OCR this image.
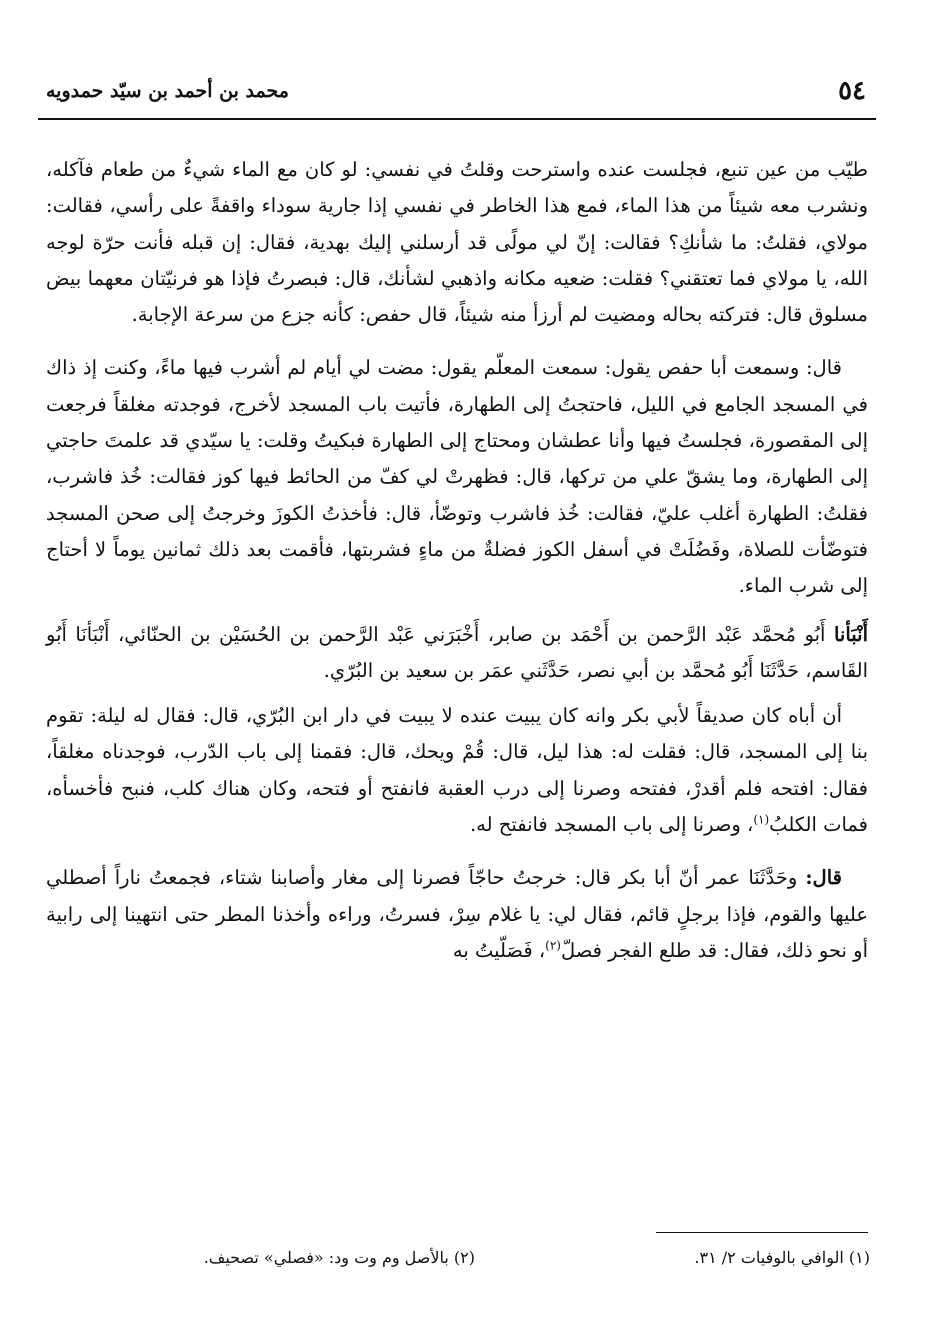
٥٤
محمد بن أحمد بن سيّد حمدويه

طيّب من عين تنبع، فجلست عنده واسترحت وقلتُ في نفسي: لو كان مع الماء شيءٌ من طعام فآكله، ونشرب معه شيئاً من هذا الماء، فمع هذا الخاطر في نفسي إذا جارية سوداء واقفةً على رأسي، فقالت: مولاي، فقلتُ: ما شأنكِ؟ فقالت: إنّ لي مولًى قد أرسلني إليك بهدية، فقال: إن قبله فأنت حرّة لوجه الله، يا مولاي فما تعتقني؟ فقلت: ضعيه مكانه واذهبي لشأنك، قال: فبصرتُ فإذا هو فرنيّتان معهما بيض مسلوق قال: فتركته بحاله ومضيت لم أرزأ منه شيئاً، قال حفص: كأنه جزع من سرعة الإجابة.

قال: وسمعت أبا حفص يقول: سمعت المعلّم يقول: مضت لي أيام لم أشرب فيها ماءً، وكنت إذ ذاك في المسجد الجامع في الليل، فاحتجتُ إلى الطهارة، فأتيت باب المسجد لأخرج، فوجدته مغلقاً فرجعت إلى المقصورة، فجلستُ فيها وأنا عطشان ومحتاج إلى الطهارة فبكيتُ وقلت: يا سيّدي قد علمتَ حاجتي إلى الطهارة، وما يشقّ علي من تركها، قال: فظهرتْ لي كفّ من الحائط فيها كوز فقالت: خُذ فاشرب، فقلتُ: الطهارة أغلب عليّ، فقالت: خُذ فاشرب وتوضّأ، قال: فأخذتُ الكوزَ وخرجتُ إلى صحن المسجد فتوضّأت للصلاة، وفَضُلَتْ في أسفل الكوز فضلةٌ من ماءٍ فشربتها، فأقمت بعد ذلك ثمانين يوماً لا أحتاج إلى شرب الماء.

أَنْبَأنا أَبُو مُحمَّد عَبْد الرَّحمن بن أَحْمَد بن صابر، أَخْبَرَني عَبْد الرَّحمن بن الحُسَيْن بن الحنّائي، أَنْبَأنَا أَبُو القَاسم، حَدَّثَنَا أَبُو مُحمَّد بن أبي نصر، حَدَّثَني عمَر بن سعيد بن البُرّي.

أن أباه كان صديقاً لأبي بكر وانه كان يبيت عنده لا يبيت في دار ابن البُرّي، قال: فقال له ليلة: تقوم بنا إلى المسجد، قال: فقلت له: هذا ليل، قال: قُمْ ويحك، قال: فقمنا إلى باب الدّرب، فوجدناه مغلقاً، فقال: افتحه فلم أقدرْ، ففتحه وصرنا إلى درب العقبة فانفتح أو فتحه، وكان هناك كلب، فنبح فأخسأه، فمات الكلبُ$^{(١)}$، وصرنا إلى باب المسجد فانفتح له.

قال: وحَدَّثَنَا عمر أنّ أبا بكر قال: خرجتُ حاجّاً فصرنا إلى مغار وأصابنا شتاء، فجمعتُ ناراً أصطلي عليها والقوم، فإذا برجلٍ قائم، فقال لي: يا غلام سِرْ، فسرتُ، وراءه وأخذنا المطر حتى انتهينا إلى رابية أو نحو ذلك، فقال: قد طلع الفجر فصلّ$^{(٢)}$، فَصَلّيتُ به

(١) الوافي بالوفيات ٢/ ٣١.
(٢) بالأصل وم وت ود: «فصلي» تصحيف.
